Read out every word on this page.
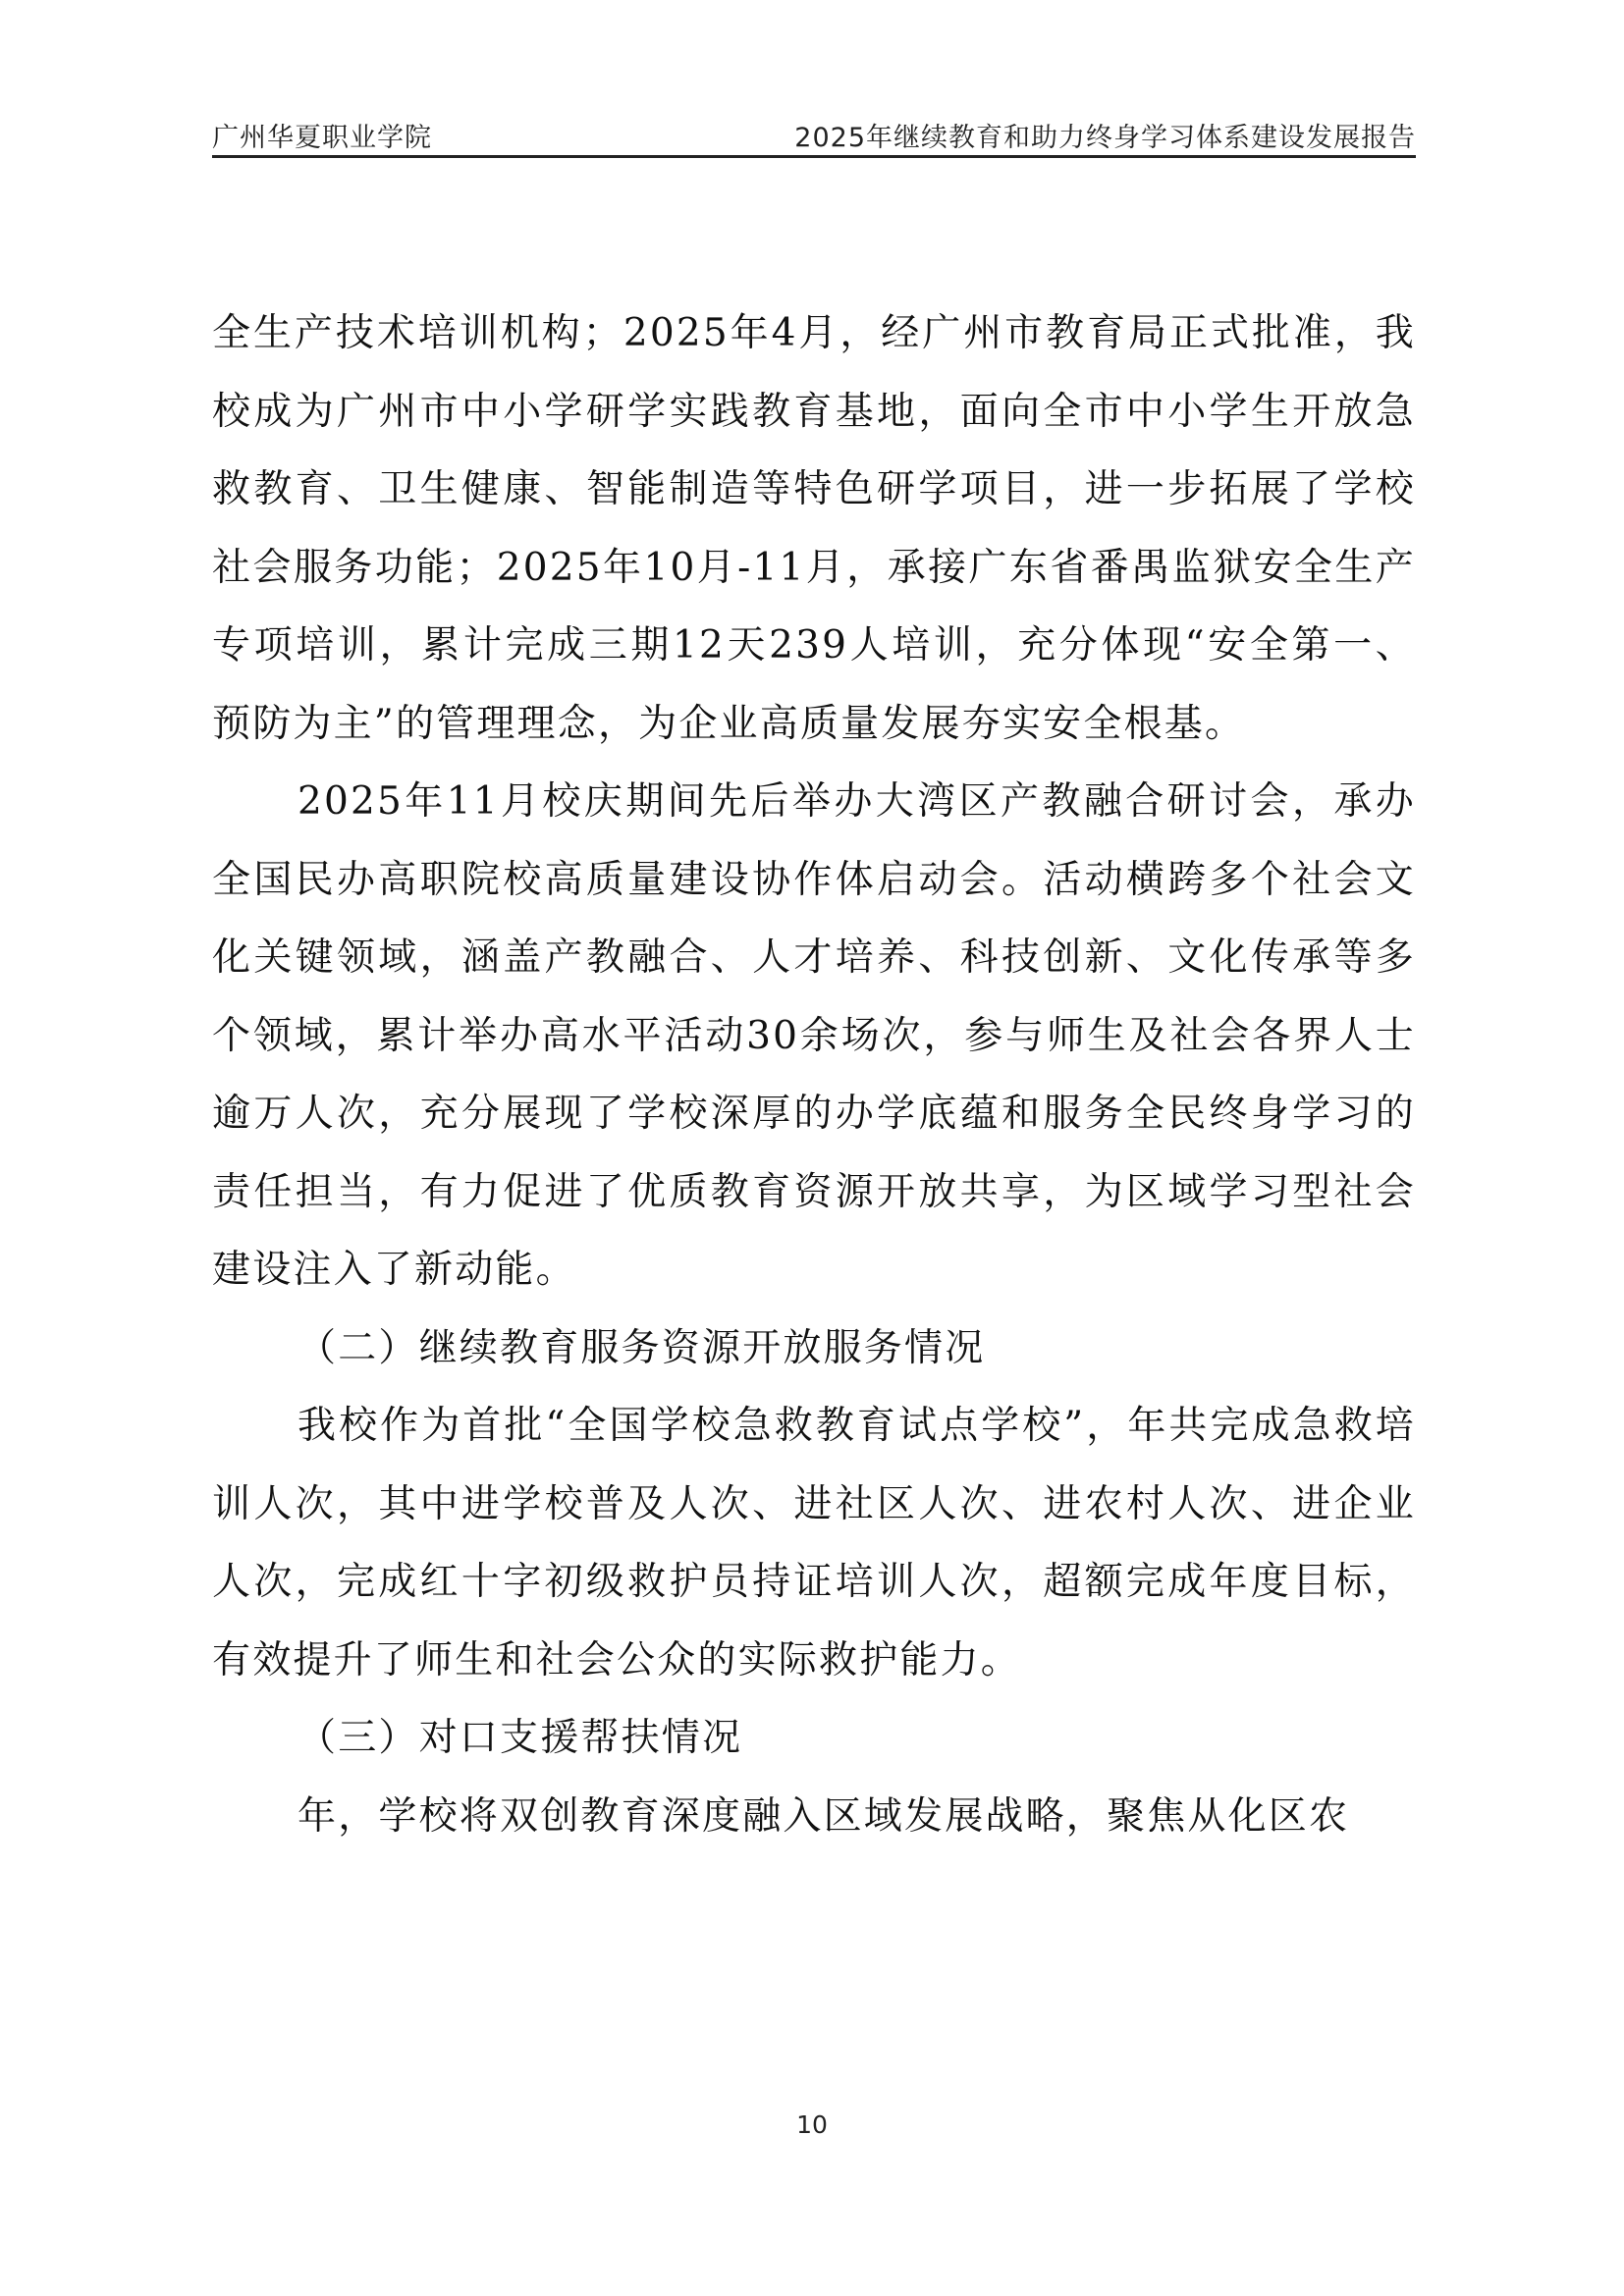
广州华夏职业学院	2025年继续教育和助力终身学习体系建设发展报告

全生产技术培训机构；2025年4月，经广州市教育局正式批准，我校成为广州市中小学研学实践教育基地，面向全市中小学生开放急救教育、卫生健康、智能制造等特色研学项目，进一步拓展了学校社会服务功能；2025年10月-11月，承接广东省番禺监狱安全生产专项培训，累计完成三期12天239人培训，充分体现“安全第一、预防为主”的管理理念，为企业高质量发展夯实安全根基。

2025年11月校庆期间先后举办大湾区产教融合研讨会，承办全国民办高职院校高质量建设协作体启动会。活动横跨多个社会文化关键领域，涵盖产教融合、人才培养、科技创新、文化传承等多个领域，累计举办高水平活动30余场次，参与师生及社会各界人士逾万人次，充分展现了学校深厚的办学底蕴和服务全民终身学习的责任担当，有力促进了优质教育资源开放共享，为区域学习型社会建设注入了新动能。

（二）继续教育服务资源开放服务情况

我校作为首批“全国学校急救教育试点学校”，年共完成急救培训人次，其中进学校普及人次、进社区人次、进农村人次、进企业人次，完成红十字初级救护员持证培训人次，超额完成年度目标，有效提升了师生和社会公众的实际救护能力。

（三）对口支援帮扶情况

年，学校将双创教育深度融入区域发展战略，聚焦从化区农

10
